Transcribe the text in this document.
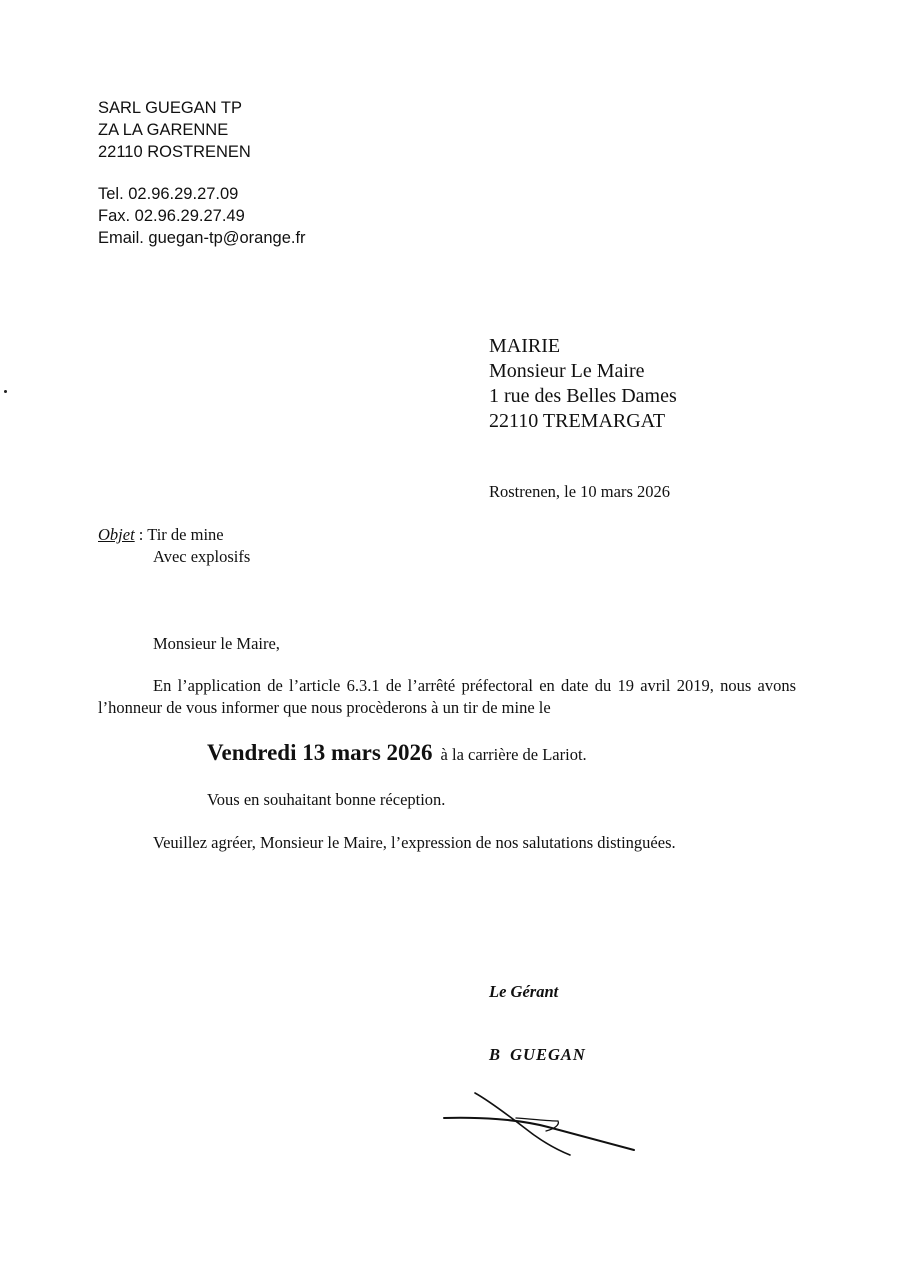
SARL GUEGAN TP
ZA LA GARENNE
22110 ROSTRENEN
Tel. 02.96.29.27.09
Fax. 02.96.29.27.49
Email. guegan-tp@orange.fr
MAIRIE
Monsieur Le Maire
1 rue des Belles Dames
22110 TREMARGAT
Rostrenen, le 10 mars 2026
Objet : Tir de mine
Avec explosifs
Monsieur le Maire,
En l’application de l’article 6.3.1 de l’arrêté préfectoral en date du 19 avril 2019, nous avons l’honneur de vous informer que nous procèderons à un tir de mine le
Vendredi 13 mars 2026 à la carrière de Lariot.
Vous en souhaitant bonne réception.
Veuillez agréer, Monsieur le Maire, l’expression de nos salutations distinguées.
Le Gérant
B GUEGAN
